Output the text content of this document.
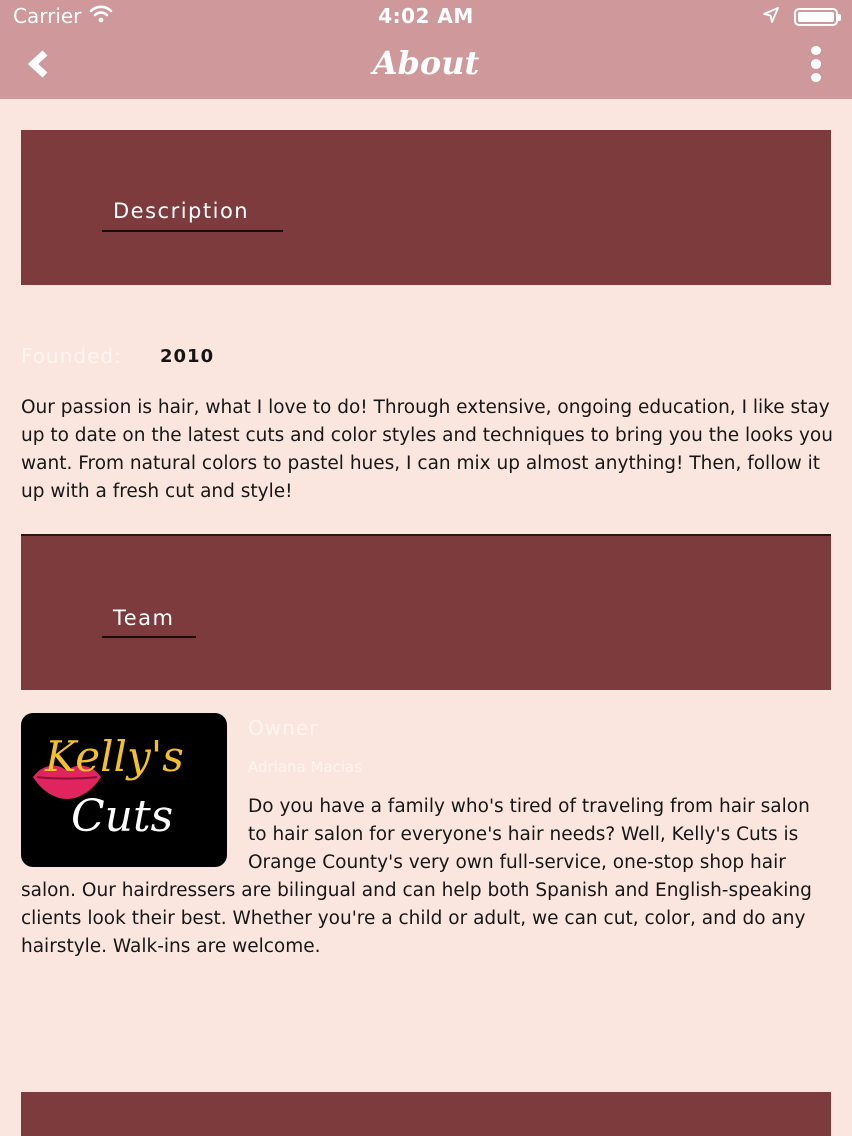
Carrier	4:02 AM
About
Description
Founded: 2010
Our passion is hair, what I love to do! Through extensive, ongoing education, I like stay up to date on the latest cuts and color styles and techniques to bring you the looks you want. From natural colors to pastel hues, I can mix up almost anything! Then, follow it up with a fresh cut and style!
Team
Kelly's
Cuts
Owner
Adriana Macias
Do you have a family who's tired of traveling from hair salon to hair salon for everyone's hair needs? Well, Kelly's Cuts is Orange County's very own full-service, one-stop shop hair salon. Our hairdressers are bilingual and can help both Spanish and English-speaking clients look their best. Whether you're a child or adult, we can cut, color, and do any hairstyle. Walk-ins are welcome.
